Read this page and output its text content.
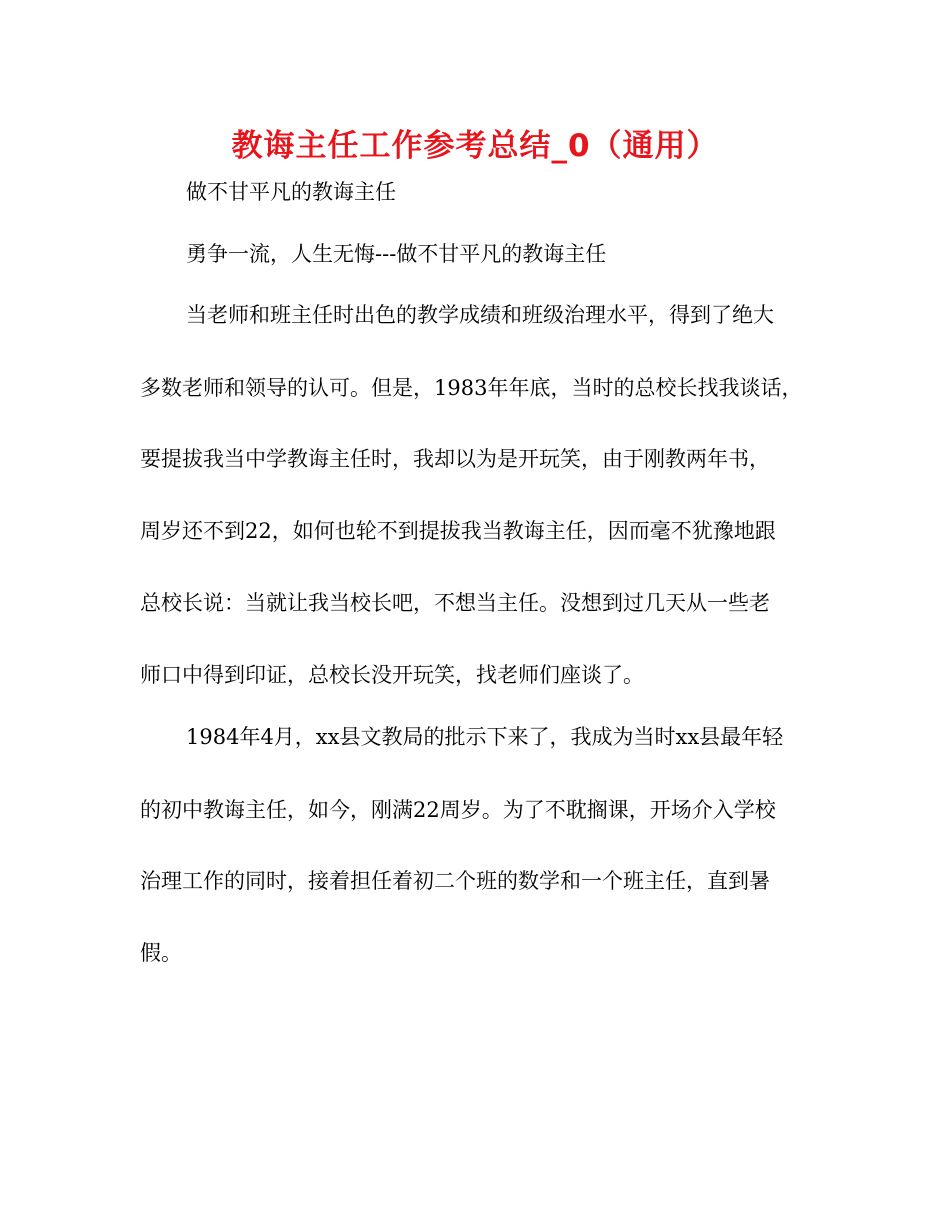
教诲主任工作参考总结_0（通用）

做不甘平凡的教诲主任

勇争一流，人生无悔---做不甘平凡的教诲主任

当老师和班主任时出色的教学成绩和班级治理水平，得到了绝大

多数老师和领导的认可。但是，1983年年底，当时的总校长找我谈话，

要提拔我当中学教诲主任时，我却以为是开玩笑，由于刚教两年书，

周岁还不到22，如何也轮不到提拔我当教诲主任，因而毫不犹豫地跟

总校长说：当就让我当校长吧，不想当主任。没想到过几天从一些老

师口中得到印证，总校长没开玩笑，找老师们座谈了。

1984年4月，xx县文教局的批示下来了，我成为当时xx县最年轻

的初中教诲主任，如今，刚满22周岁。为了不耽搁课，开场介入学校

治理工作的同时，接着担任着初二个班的数学和一个班主任，直到暑

假。
